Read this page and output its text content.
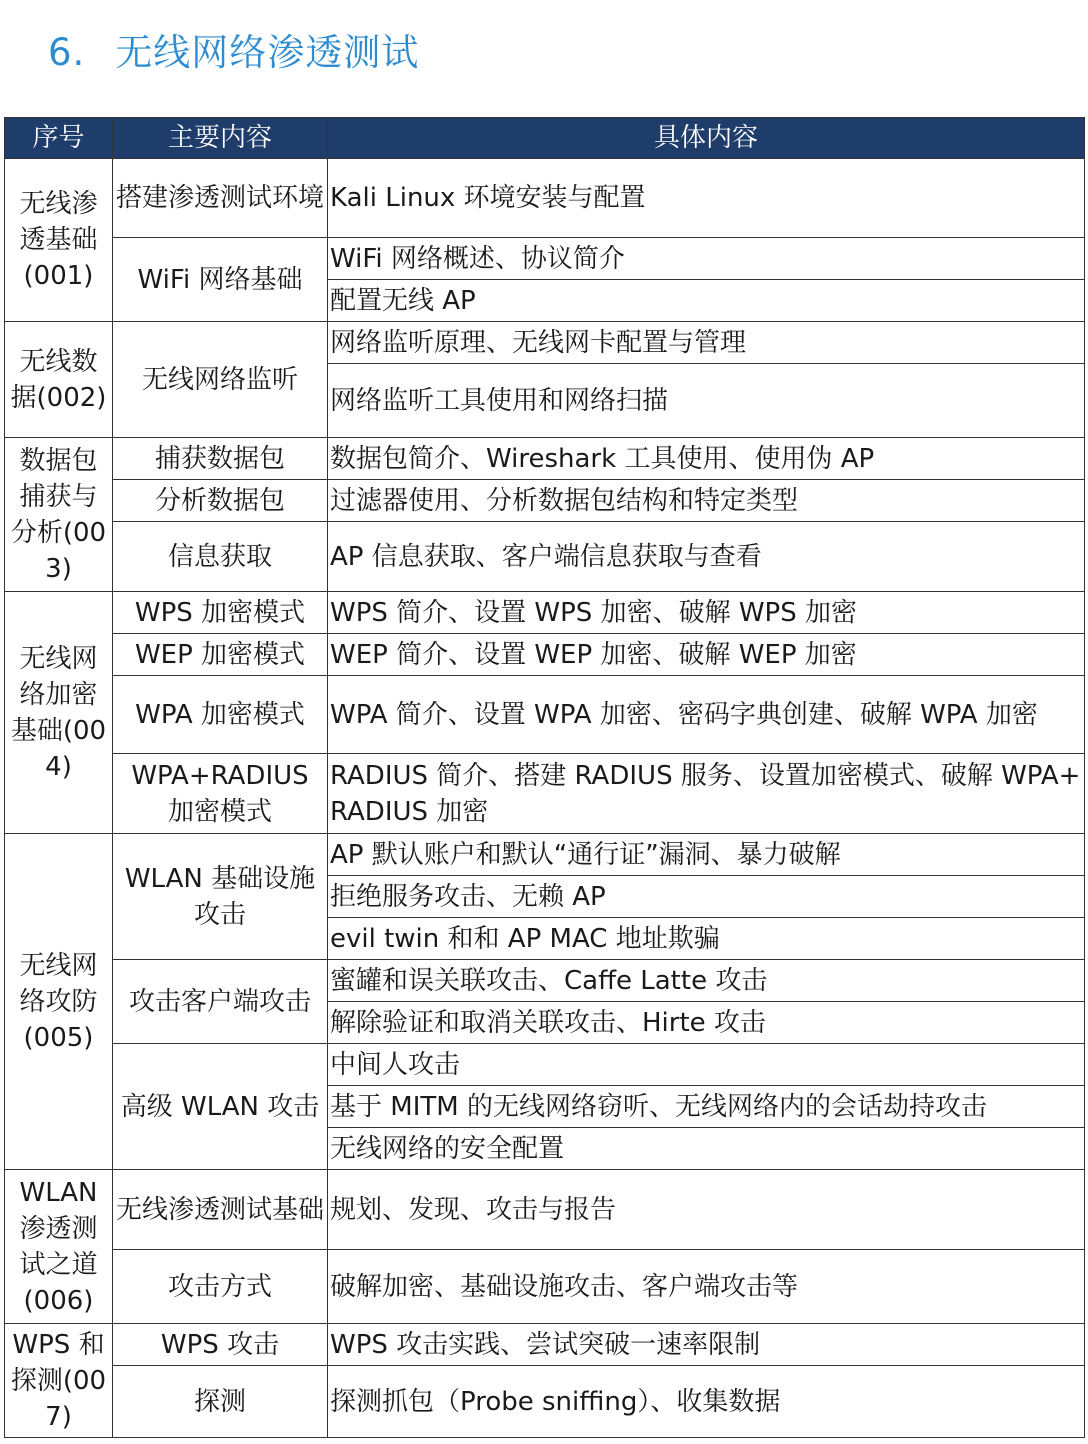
6. 无线网络渗透测试
序号	主要内容	具体内容
无线渗透基础(001)	搭建渗透测试环境	Kali Linux 环境安装与配置
	WiFi 网络基础	WiFi 网络概述、协议简介
		配置无线 AP
无线数据(002)	无线网络监听	网络监听原理、无线网卡配置与管理
		网络监听工具使用和网络扫描
数据包捕获与分析(003)	捕获数据包	数据包简介、Wireshark 工具使用、使用伪 AP
	分析数据包	过滤器使用、分析数据包结构和特定类型
	信息获取	AP 信息获取、客户端信息获取与查看
无线网络加密基础(004)	WPS 加密模式	WPS 简介、设置 WPS 加密、破解 WPS 加密
	WEP 加密模式	WEP 简介、设置 WEP 加密、破解 WEP 加密
	WPA 加密模式	WPA 简介、设置 WPA 加密、密码字典创建、破解 WPA 加密
	WPA+RADIUS 加密模式	RADIUS 简介、搭建 RADIUS 服务、设置加密模式、破解 WPA+RADIUS 加密
无线网络攻防(005)	WLAN 基础设施攻击	AP 默认账户和默认“通行证”漏洞、暴力破解
		拒绝服务攻击、无赖 AP
		evil twin 和和 AP MAC 地址欺骗
	攻击客户端攻击	蜜罐和误关联攻击、Caffe Latte 攻击
		解除验证和取消关联攻击、Hirte 攻击
	高级 WLAN 攻击	中间人攻击
		基于 MITM 的无线网络窃听、无线网络内的会话劫持攻击
		无线网络的安全配置
WLAN 渗透测试之道(006)	无线渗透测试基础	规划、发现、攻击与报告
	攻击方式	破解加密、基础设施攻击、客户端攻击等
WPS 和探测(007)	WPS 攻击	WPS 攻击实践、尝试突破一速率限制
	探测	探测抓包（Probe sniffing）、收集数据
